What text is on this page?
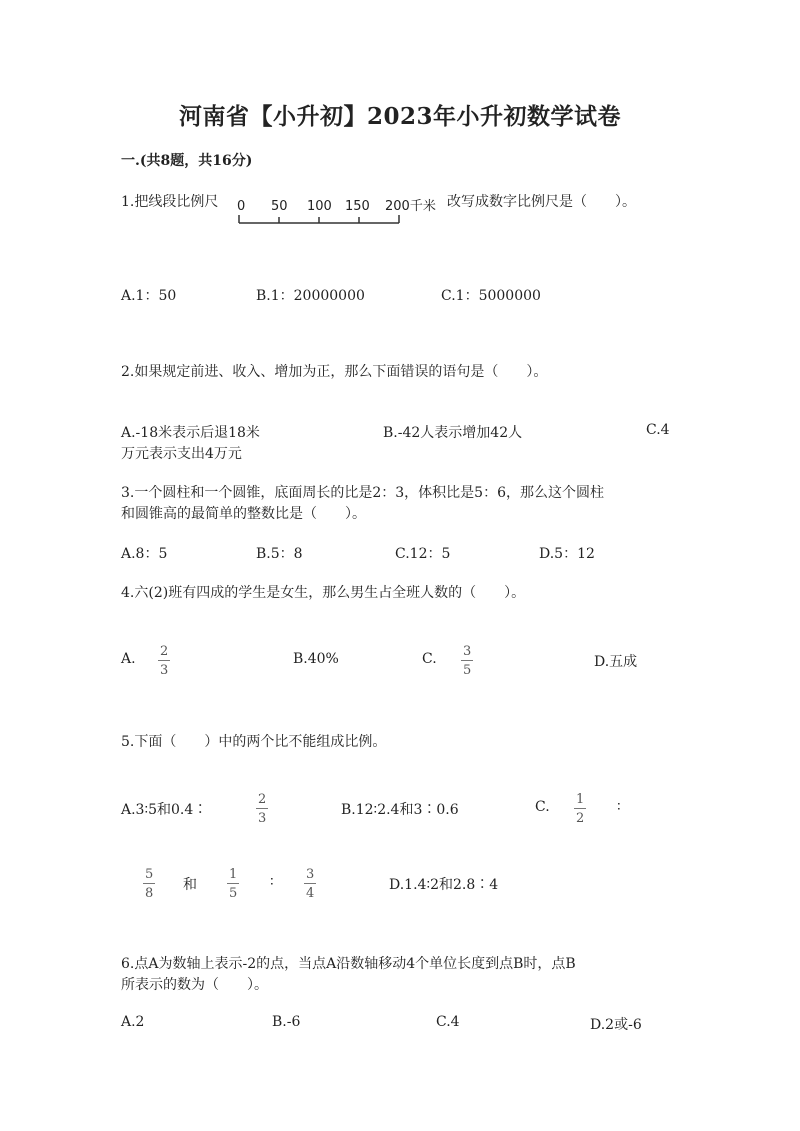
河南省【小升初】2023年小升初数学试卷
一.(共8题，共16分)
1.把线段比例尺 0 50 100 150 200千米 改写成数字比例尺是（　　）。
A.1：50	B.1：20000000	C.1：5000000
2.如果规定前进、收入、增加为正，那么下面错误的语句是（　　）。
A.-18米表示后退18米	B.-42人表示增加42人	C.4
万元表示支出4万元
3.一个圆柱和一个圆锥，底面周长的比是2：3，体积比是5：6，那么这个圆柱
和圆锥高的最简单的整数比是（　　）。
A.8：5	B.5：8	C.12：5	D.5：12
4.六(2)班有四成的学生是女生，那么男生占全班人数的（　　）。
A. 2
3
B.40%	C. 3
5
D.五成
5.下面（　　）中的两个比不能组成比例。
A.3∶5和0.4∶
2
3
B.12∶2.4和3∶0.6	C. 1
2
∶
5
8
和
1
5
∶ 3
4
D.1.4∶2和2.8∶4
6.点A为数轴上表示-2的点，当点A沿数轴移动4个单位长度到点B时，点B
所表示的数为（　　）。
A.2	B.-6	C.4	D.2或-6
